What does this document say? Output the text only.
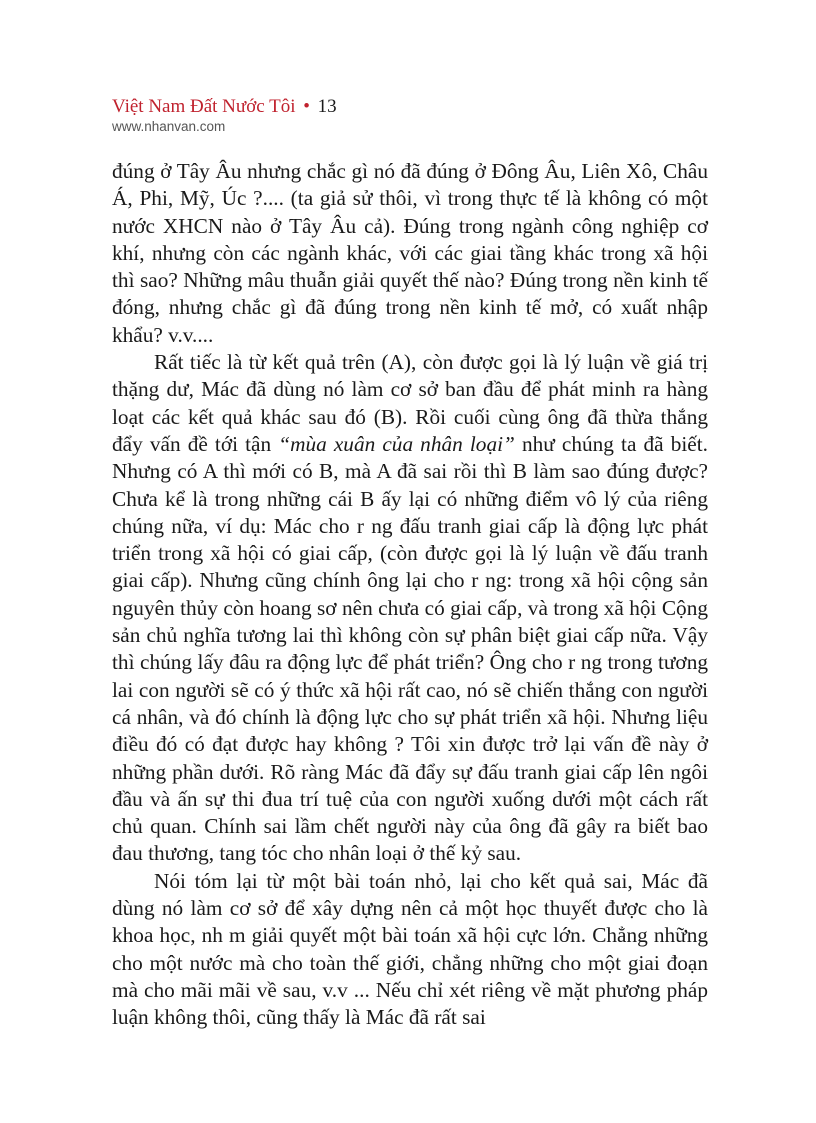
Việt Nam Đất Nước Tôi • 13
www.nhanvan.com

đúng ở Tây Âu nhưng chắc gì nó đã đúng ở Đông Âu, Liên Xô, Châu Á, Phi, Mỹ, Úc ?.... (ta giả sử thôi, vì trong thực tế là không có một nước XHCN nào ở Tây Âu cả). Đúng trong ngành công nghiệp cơ khí, nhưng còn các ngành khác, với các giai tầng khác trong xã hội thì sao? Những mâu thuẫn giải quyết thế nào? Đúng trong nền kinh tế đóng, nhưng chắc gì đã đúng trong nền kinh tế mở, có xuất nhập khẩu? v.v....

Rất tiếc là từ kết quả trên (A), còn được gọi là lý luận về giá trị thặng dư, Mác đã dùng nó làm cơ sở ban đầu để phát minh ra hàng loạt các kết quả khác sau đó (B). Rồi cuối cùng ông đã thừa thắng đẩy vấn đề tới tận “mùa xuân của nhân loại” như chúng ta đã biết. Nhưng có A thì mới có B, mà A đã sai rồi thì B làm sao đúng được? Chưa kể là trong những cái B ấy lại có những điểm vô lý của riêng chúng nữa, ví dụ: Mác cho r ng đấu tranh giai cấp là động lực phát triển trong xã hội có giai cấp, (còn được gọi là lý luận về đấu tranh giai cấp). Nhưng cũng chính ông lại cho r ng: trong xã hội cộng sản nguyên thủy còn hoang sơ nên chưa có giai cấp, và trong xã hội Cộng sản chủ nghĩa tương lai thì không còn sự phân biệt giai cấp nữa. Vậy thì chúng lấy đâu ra động lực để phát triển? Ông cho r ng trong tương lai con người sẽ có ý thức xã hội rất cao, nó sẽ chiến thắng con người cá nhân, và đó chính là động lực cho sự phát triển xã hội. Nhưng liệu điều đó có đạt được hay không ? Tôi xin được trở lại vấn đề này ở những phần dưới. Rõ ràng Mác đã đẩy sự đấu tranh giai cấp lên ngôi đầu và ấn sự thi đua trí tuệ của con người xuống dưới một cách rất chủ quan. Chính sai lầm chết người này của ông đã gây ra biết bao đau thương, tang tóc cho nhân loại ở thế kỷ sau.

Nói tóm lại từ một bài toán nhỏ, lại cho kết quả sai, Mác đã dùng nó làm cơ sở để xây dựng nên cả một học thuyết được cho là khoa học, nh m giải quyết một bài toán xã hội cực lớn. Chẳng những cho một nước mà cho toàn thế giới, chẳng những cho một giai đoạn mà cho mãi mãi về sau, v.v ... Nếu chỉ xét riêng về mặt phương pháp luận không thôi, cũng thấy là Mác đã rất sai
